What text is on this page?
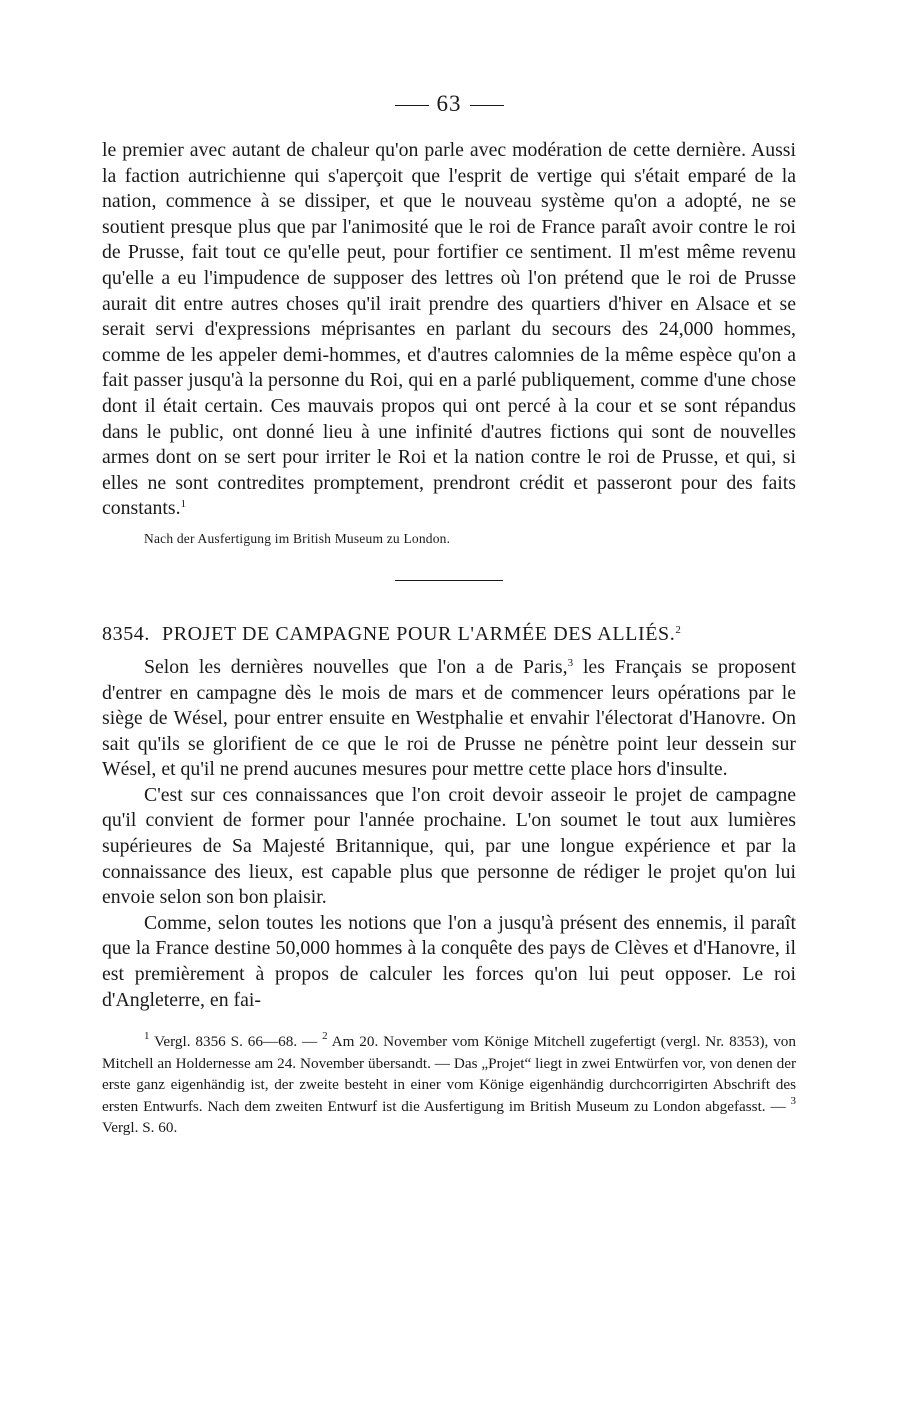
63

le premier avec autant de chaleur qu'on parle avec modération de cette dernière. Aussi la faction autrichienne qui s'aperçoit que l'esprit de vertige qui s'était emparé de la nation, commence à se dissiper, et que le nouveau système qu'on a adopté, ne se soutient presque plus que par l'animosité que le roi de France paraît avoir contre le roi de Prusse, fait tout ce qu'elle peut, pour fortifier ce sentiment. Il m'est même revenu qu'elle a eu l'impudence de supposer des lettres où l'on prétend que le roi de Prusse aurait dit entre autres choses qu'il irait prendre des quartiers d'hiver en Alsace et se serait servi d'expressions méprisantes en parlant du secours des 24,000 hommes, comme de les appeler demi-hommes, et d'autres calomnies de la même espèce qu'on a fait passer jusqu'à la personne du Roi, qui en a parlé publiquement, comme d'une chose dont il était certain. Ces mauvais propos qui ont percé à la cour et se sont répandus dans le public, ont donné lieu à une infinité d'autres fictions qui sont de nouvelles armes dont on se sert pour irriter le Roi et la nation contre le roi de Prusse, et qui, si elles ne sont contredites promptement, prendront crédit et passeront pour des faits constants.$^1$

Nach der Ausfertigung im British Museum zu London.

8354. PROJET DE CAMPAGNE POUR L'ARMÉE DES ALLIÉS.$^2$

Selon les dernières nouvelles que l'on a de Paris,$^3$ les Français se proposent d'entrer en campagne dès le mois de mars et de commencer leurs opérations par le siège de Wésel, pour entrer ensuite en Westphalie et envahir l'électorat d'Hanovre. On sait qu'ils se glorifient de ce que le roi de Prusse ne pénètre point leur dessein sur Wésel, et qu'il ne prend aucunes mesures pour mettre cette place hors d'insulte.

C'est sur ces connaissances que l'on croit devoir asseoir le projet de campagne qu'il convient de former pour l'année prochaine. L'on soumet le tout aux lumières supérieures de Sa Majesté Britannique, qui, par une longue expérience et par la connaissance des lieux, est capable plus que personne de rédiger le projet qu'on lui envoie selon son bon plaisir.

Comme, selon toutes les notions que l'on a jusqu'à présent des ennemis, il paraît que la France destine 50,000 hommes à la conquête des pays de Clèves et d'Hanovre, il est premièrement à propos de calculer les forces qu'on lui peut opposer. Le roi d'Angleterre, en fai-

$^1$ Vergl. 8356 S. 66—68. — $^2$ Am 20. November vom Könige Mitchell zugefertigt (vergl. Nr. 8353), von Mitchell an Holdernesse am 24. November übersandt. — Das „Projet“ liegt in zwei Entwürfen vor, von denen der erste ganz eigenhändig ist, der zweite besteht in einer vom Könige eigenhändig durchcorrigirten Abschrift des ersten Entwurfs. Nach dem zweiten Entwurf ist die Ausfertigung im British Museum zu London abgefasst. — $^3$ Vergl. S. 60.
